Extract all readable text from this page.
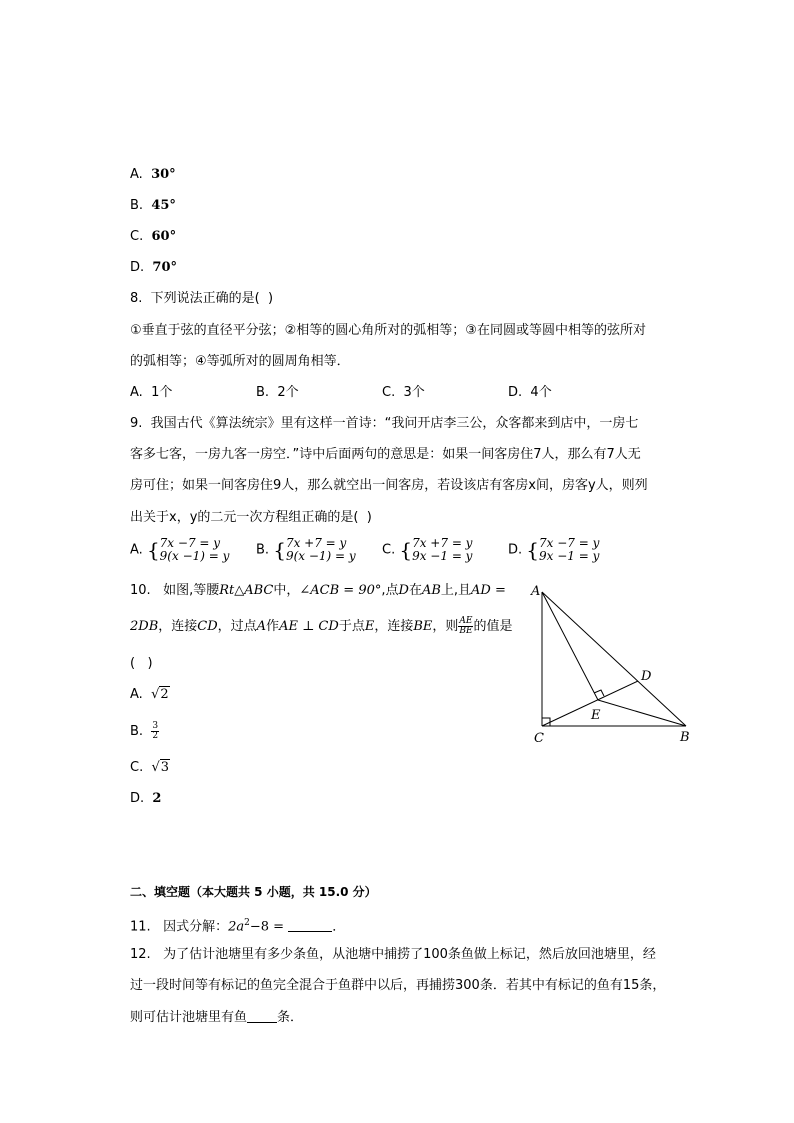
A. 30°
B. 45°
C. 60°
D. 70°
8.  下列说法正确的是(  )
①垂直于弦的直径平分弦；②相等的圆心角所对的弧相等；③在同圆或等圆中相等的弦所对
的弧相等；④等弧所对的圆周角相等．
A. 1个	B. 2个	C. 3个	D. 4个
9.  我国古代《算法统宗》里有这样一首诗：“我问开店李三公，众客都来到店中，一房七
客多七客，一房九客一房空．”诗中后面两句的意思是：如果一间客房住7人，那么有7人无
房可住；如果一间客房住9人，那么就空出一间客房，若设该店有客房x间，房客y人，则列
出关于x，y的二元一次方程组正确的是(  )
A. {7x −7 = y
9(x −1) = y B. {7x +7 = y
9(x −1) = y C. {7x +7 = y
9x −1 = y	D. {7x −7 = y
9x −1 = y
10.   如图,等腰Rt△ABC中，∠ACB = 90°,点D在AB上,且AD =
2DB，连接CD，过点A作AE ⊥ CD于点E，连接BE，则 $\frac{AE}{BE}$ 的值是
(   )
A. √2
B. $\frac{3}{2}$
C. √3
D. 2
A
D
E
C	B
二、填空题（本大题共 5 小题，共 15.0 分）
11.   因式分解：$2a^2-8$ =	．
12.   为了估计池塘里有多少条鱼，从池塘中捕捞了100条鱼做上标记，然后放回池塘里，经
过一段时间等有标记的鱼完全混合于鱼群中以后，再捕捞300条．若其中有标记的鱼有15条，
则可估计池塘里有鱼 条．
